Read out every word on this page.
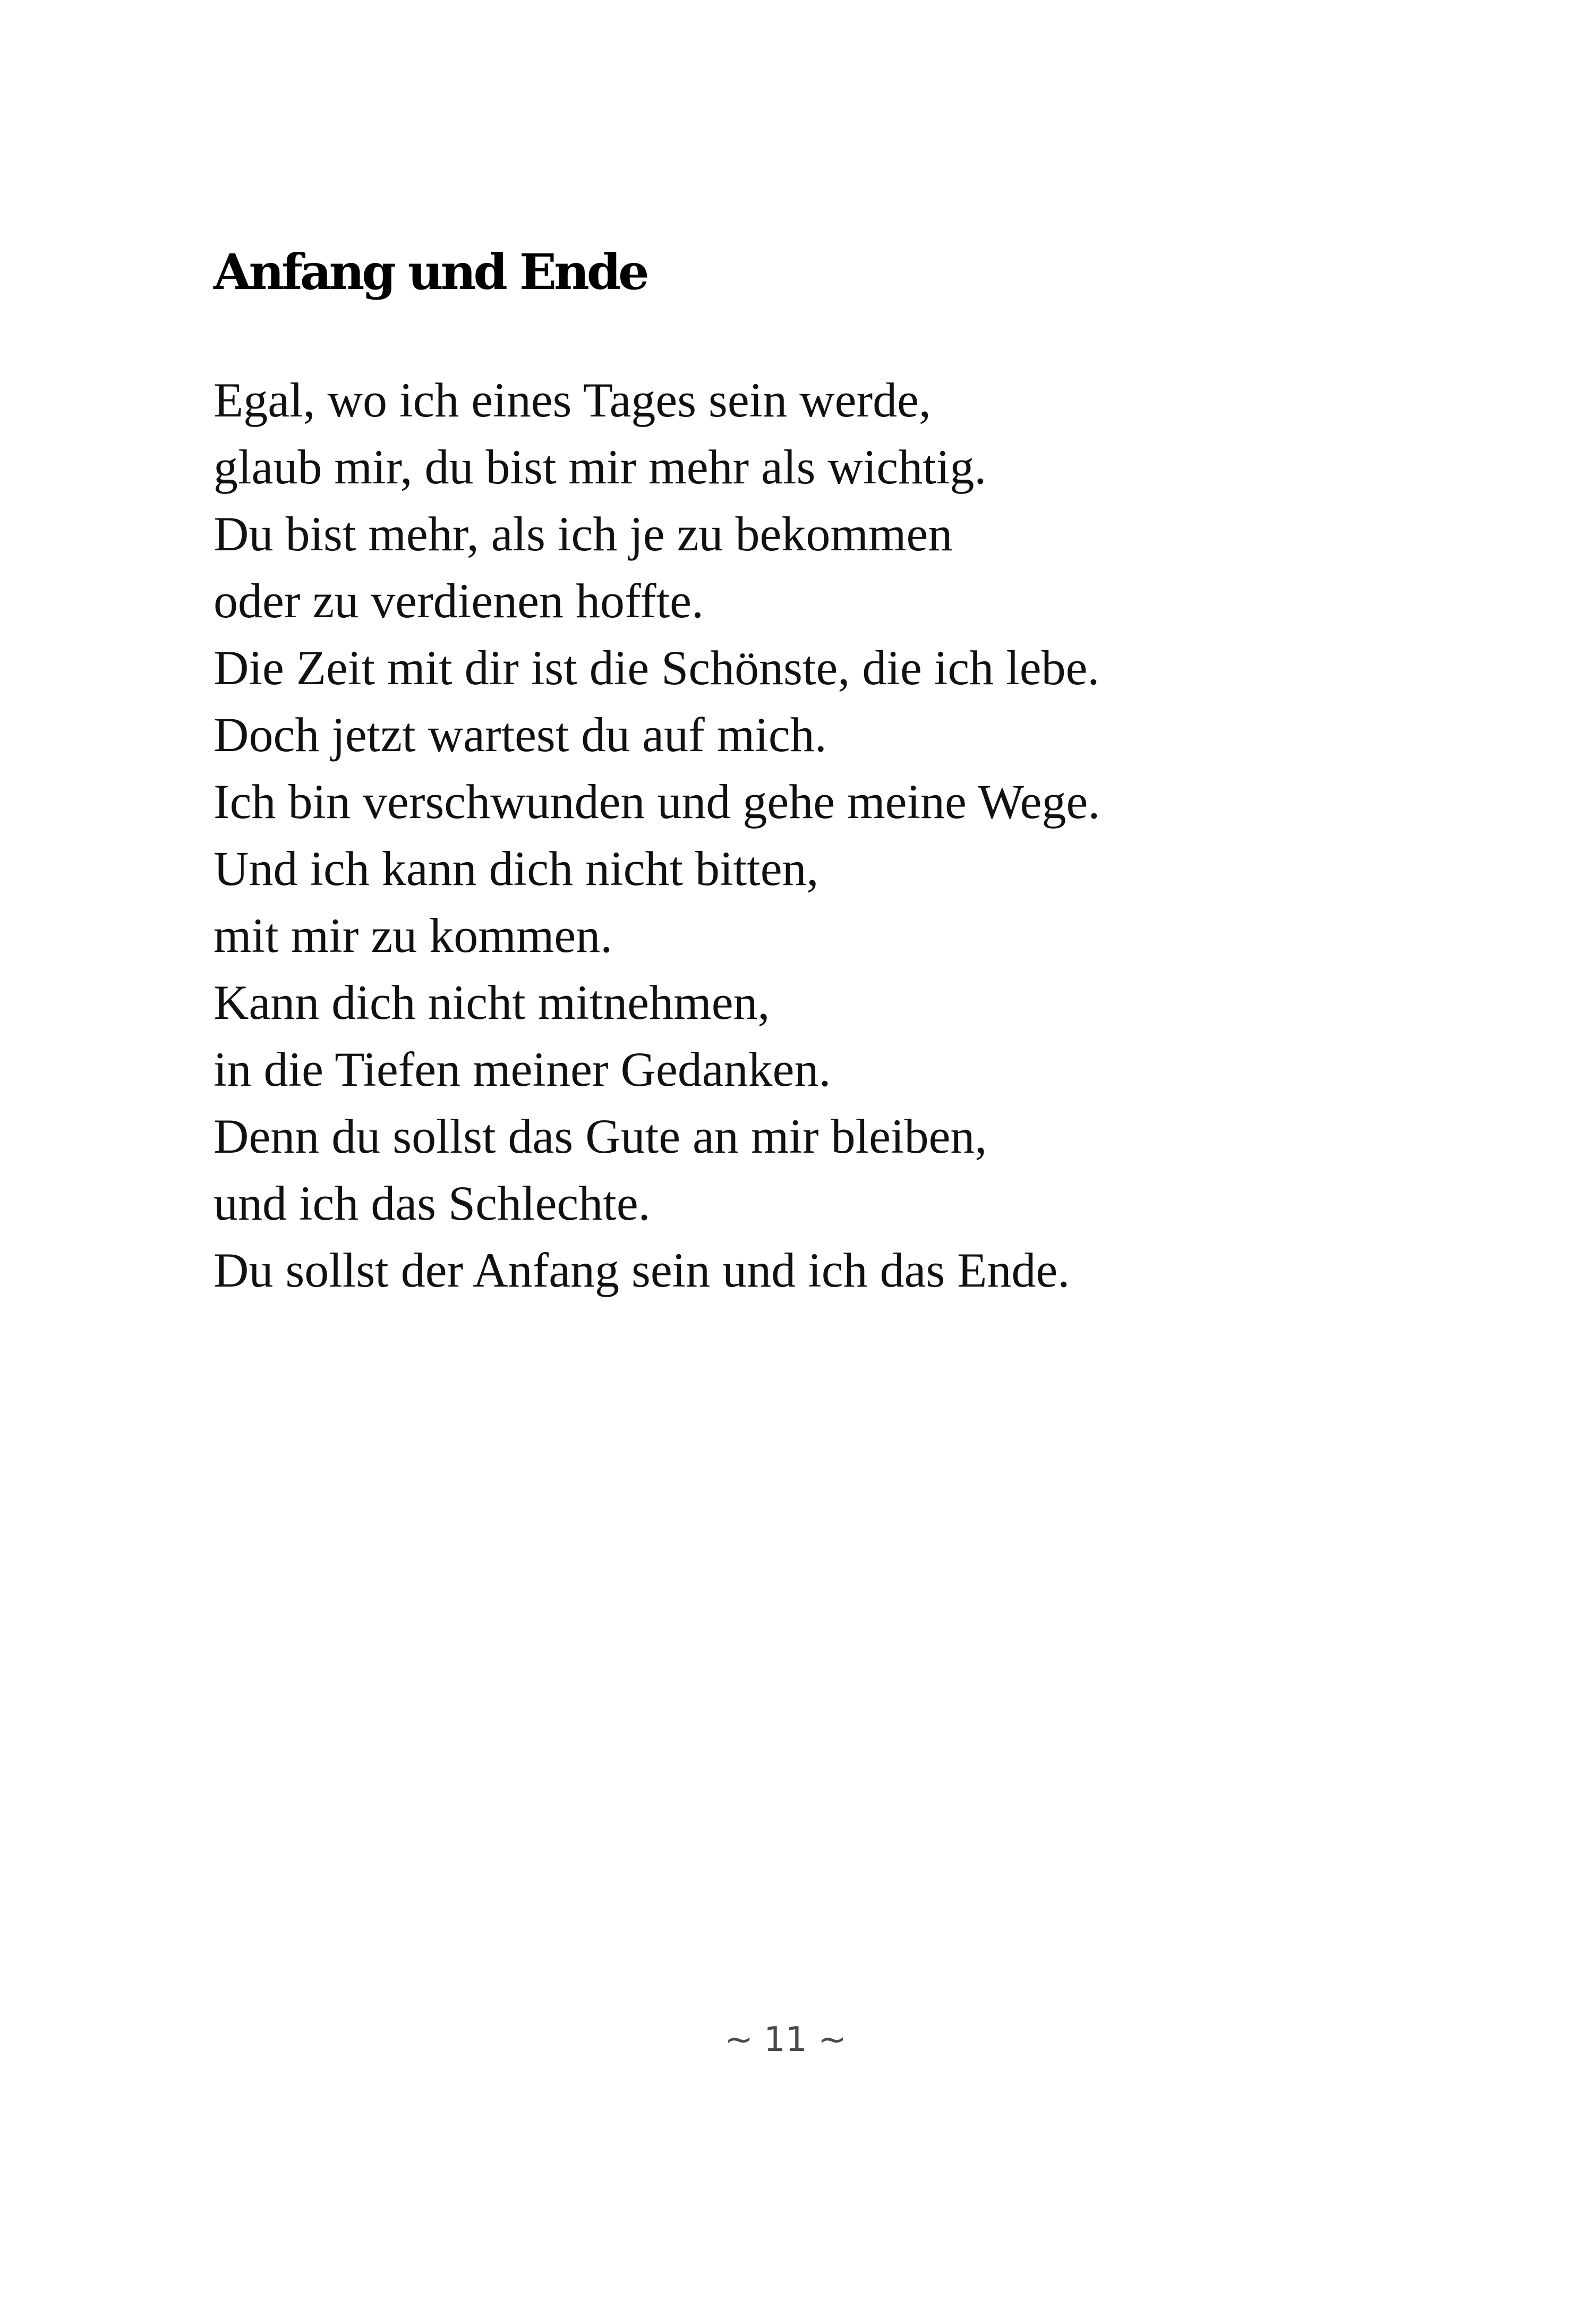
Anfang und Ende
Egal, wo ich eines Tages sein werde,
glaub mir, du bist mir mehr als wichtig.
Du bist mehr, als ich je zu bekommen
oder zu verdienen hoffte.
Die Zeit mit dir ist die Schönste, die ich lebe.
Doch jetzt wartest du auf mich.
Ich bin verschwunden und gehe meine Wege.
Und ich kann dich nicht bitten,
mit mir zu kommen.
Kann dich nicht mitnehmen,
in die Tiefen meiner Gedanken.
Denn du sollst das Gute an mir bleiben,
und ich das Schlechte.
Du sollst der Anfang sein und ich das Ende.
~ 11 ~
